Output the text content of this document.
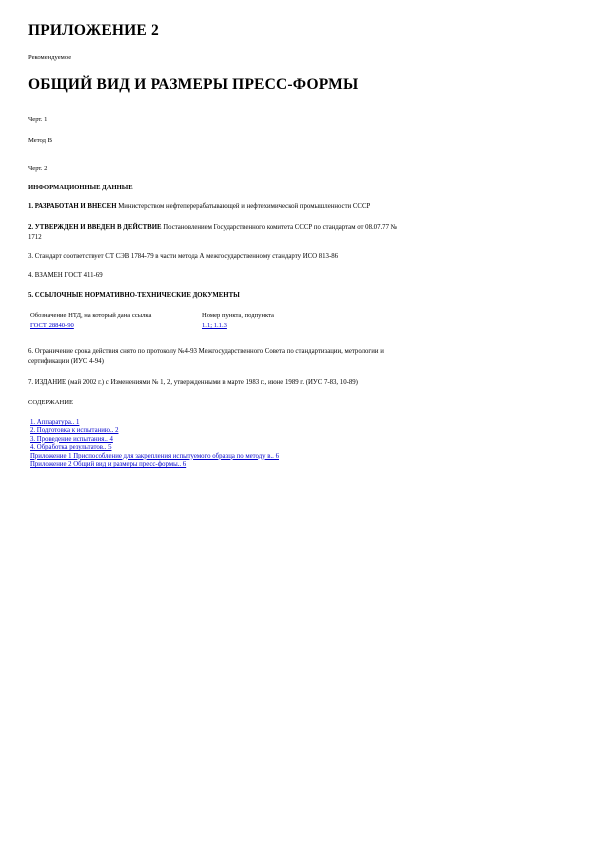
ПРИЛОЖЕНИЕ 2
Рекомендуемое
ОБЩИЙ ВИД И РАЗМЕРЫ ПРЕСС-ФОРМЫ
Черт. 1
Метод В
Черт. 2
ИНФОРМАЦИОННЫЕ ДАННЫЕ
1. РАЗРАБОТАН И ВНЕСЕН Министерством нефтеперерабатывающей и нефтехимической промышленности СССР
2. УТВЕРЖДЕН И ВВЕДЕН В ДЕЙСТВИЕ Постановлением Государственного комитета СССР по стандартам от 08.07.77 №
1712
3. Стандарт соответствует СТ СЭВ 1784-79 в части метода А межгосударственному стандарту ИСО 813-86
4. ВЗАМЕН ГОСТ 411-69
5. ССЫЛОЧНЫЕ НОРМАТИВНО-ТЕХНИЧЕСКИЕ ДОКУМЕНТЫ
Обозначение НТД, на который дана ссылка	Номер пункта, подпункта
ГОСТ 28840-90	1.1; 1.1.3
6. Ограничение срока действия снято по протоколу №4-93 Межгосударственного Совета по стандартизации, метрологии и
сертификации (ИУС 4-94)
7. ИЗДАНИЕ (май 2002 г.) с Изменениями № 1, 2, утвержденными в марте 1983 г., июне 1989 г. (ИУС 7-83, 10-89)
СОДЕРЖАНИЕ
1. Аппаратура.. 1
2. Подготовка к испытанию.. 2
3. Проведение испытания.. 4
4. Обработка результатов.. 5
Приложение 1 Приспособление для закрепления испытуемого образца по методу в.. 6
Приложение 2 Общий вид и размеры пресс-формы.. 6
